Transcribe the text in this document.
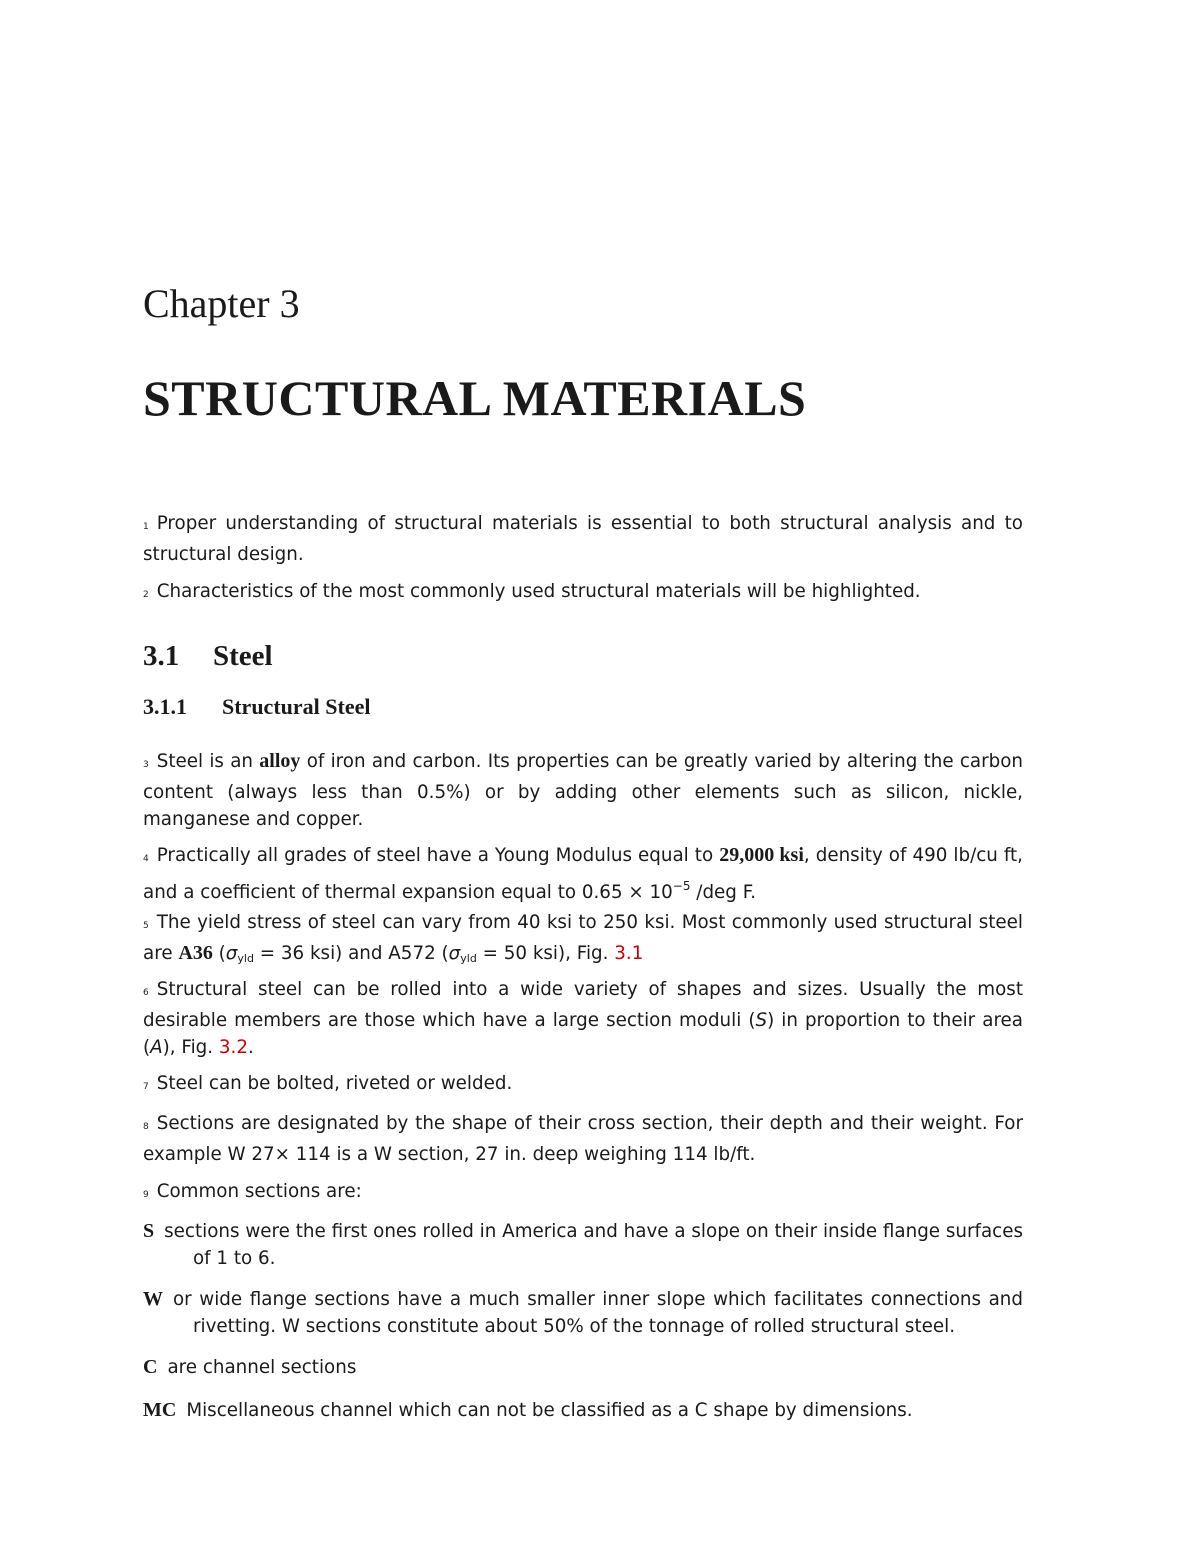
Chapter 3
STRUCTURAL MATERIALS
1 Proper understanding of structural materials is essential to both structural analysis and to structural design.
2 Characteristics of the most commonly used structural materials will be highlighted.
3.1 Steel
3.1.1 Structural Steel
3 Steel is an alloy of iron and carbon. Its properties can be greatly varied by altering the carbon content (always less than 0.5%) or by adding other elements such as silicon, nickle, manganese and copper.
4 Practically all grades of steel have a Young Modulus equal to 29,000 ksi, density of 490 lb/cu ft, and a coefficient of thermal expansion equal to $0.65 \times 10^{-5}$ /deg F.
5 The yield stress of steel can vary from 40 ksi to 250 ksi. Most commonly used structural steel are A36 ($\sigma_{yld} = 36$ ksi) and A572 ($\sigma_{yld} = 50$ ksi), Fig. 3.1
6 Structural steel can be rolled into a wide variety of shapes and sizes. Usually the most desirable members are those which have a large section moduli (S) in proportion to their area (A), Fig. 3.2.
7 Steel can be bolted, riveted or welded.
8 Sections are designated by the shape of their cross section, their depth and their weight. For example W 27× 114 is a W section, 27 in. deep weighing 114 lb/ft.
9 Common sections are:
S sections were the first ones rolled in America and have a slope on their inside flange surfaces of 1 to 6.
W or wide flange sections have a much smaller inner slope which facilitates connections and rivetting. W sections constitute about 50% of the tonnage of rolled structural steel.
C are channel sections
MC Miscellaneous channel which can not be classified as a C shape by dimensions.
